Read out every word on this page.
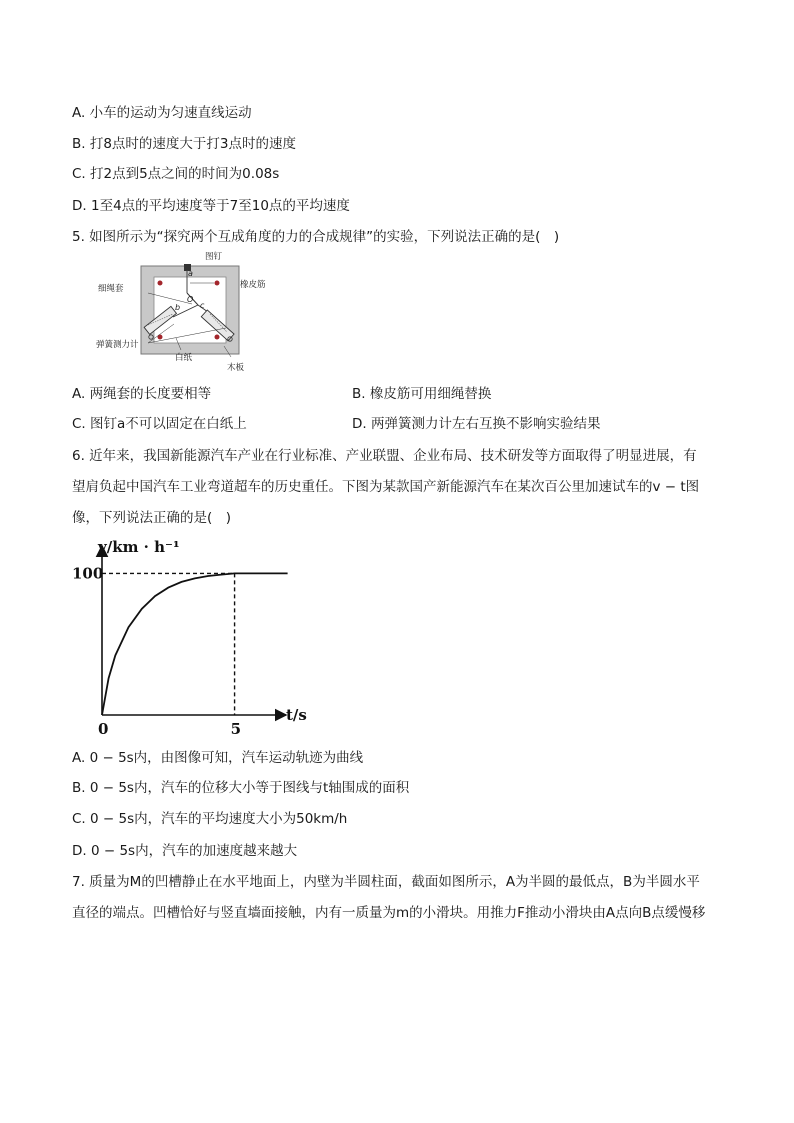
A. 小车的运动为匀速直线运动
B. 打8点时的速度大于打3点时的速度
C. 打2点到5点之间的时间为0.08s
D. 1至4点的平均速度等于7至10点的平均速度
5. 如图所示为“探究两个互成角度的力的合成规律”的实验，下列说法正确的是(　)
图钉
a
橡皮筋
细绳套
O
b c
弹簧测力计
白纸
木板
A. 两绳套的长度要相等	B. 橡皮筋可用细绳替换
C. 图钉a不可以固定在白纸上	D. 两弹簧测力计左右互换不影响实验结果
6. 近年来，我国新能源汽车产业在行业标准、产业联盟、企业布局、技术研发等方面取得了明显进展，有
望肩负起中国汽车工业弯道超车的历史重任。下图为某款国产新能源汽车在某次百公里加速试车的v − t图
像，下列说法正确的是(　)
v/km · h⁻¹
t/s
100
0	5
A. 0 − 5s内，由图像可知，汽车运动轨迹为曲线
B. 0 − 5s内，汽车的位移大小等于图线与t轴围成的面积
C. 0 − 5s内，汽车的平均速度大小为50km/h
D. 0 − 5s内，汽车的加速度越来越大
7. 质量为M的凹槽静止在水平地面上，内壁为半圆柱面，截面如图所示，A为半圆的最低点，B为半圆水平
直径的端点。凹槽恰好与竖直墙面接触，内有一质量为m的小滑块。用推力F推动小滑块由A点向B点缓慢移
